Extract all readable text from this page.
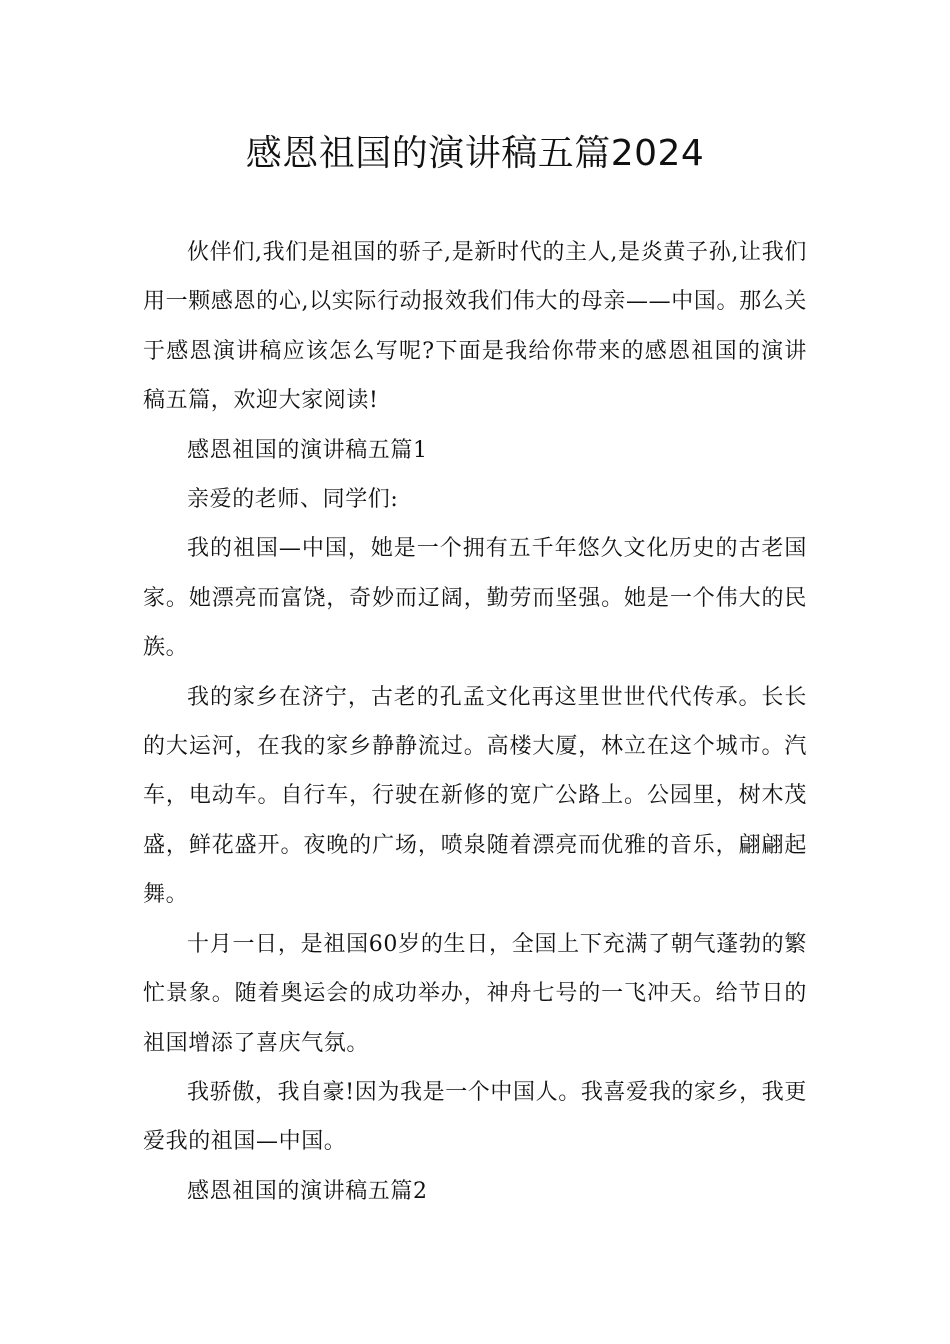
感恩祖国的演讲稿五篇2024

伙伴们,我们是祖国的骄子,是新时代的主人,是炎黄子孙,让我们用一颗感恩的心,以实际行动报效我们伟大的母亲——中国。那么关于感恩演讲稿应该怎么写呢?下面是我给你带来的感恩祖国的演讲稿五篇，欢迎大家阅读!

感恩祖国的演讲稿五篇1

亲爱的老师、同学们:

我的祖国—中国，她是一个拥有五千年悠久文化历史的古老国家。她漂亮而富饶，奇妙而辽阔，勤劳而坚强。她是一个伟大的民族。

我的家乡在济宁，古老的孔孟文化再这里世世代代传承。长长的大运河，在我的家乡静静流过。高楼大厦，林立在这个城市。汽车，电动车。自行车，行驶在新修的宽广公路上。公园里，树木茂盛，鲜花盛开。夜晚的广场，喷泉随着漂亮而优雅的音乐，翩翩起舞。

十月一日，是祖国60岁的生日，全国上下充满了朝气蓬勃的繁忙景象。随着奥运会的成功举办，神舟七号的一飞冲天。给节日的祖国增添了喜庆气氛。

我骄傲，我自豪!因为我是一个中国人。我喜爱我的家乡，我更爱我的祖国—中国。

感恩祖国的演讲稿五篇2
